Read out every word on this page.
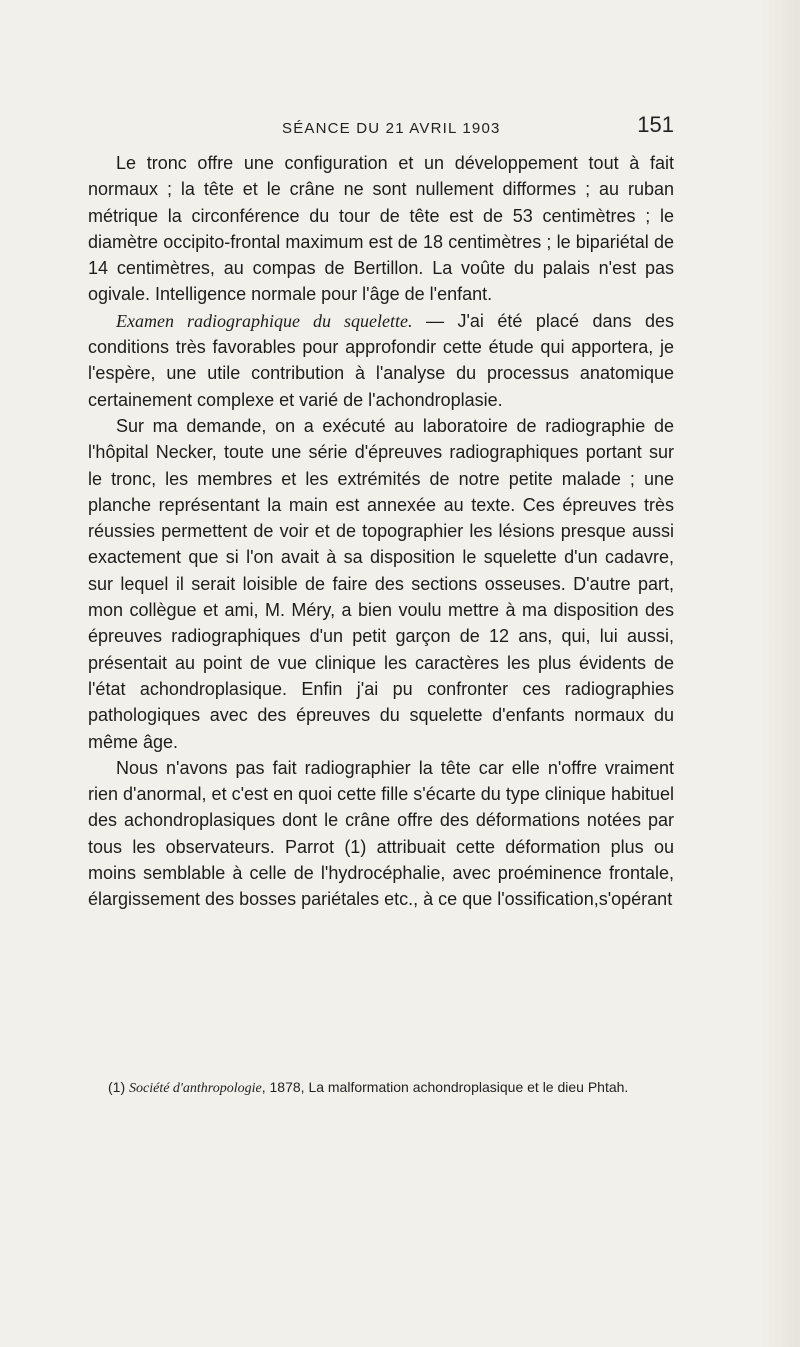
SÉANCE DU 21 AVRIL 1903	151

Le tronc offre une configuration et un développement tout à fait normaux ; la tête et le crâne ne sont nullement difformes ; au ruban métrique la circonférence du tour de tête est de 53 centimètres ; le diamètre occipito-frontal maximum est de 18 centimètres ; le bipariétal de 14 centimètres, au compas de Bertillon. La voûte du palais n'est pas ogivale. Intelligence normale pour l'âge de l'enfant.

Examen radiographique du squelette. — J'ai été placé dans des conditions très favorables pour approfondir cette étude qui apportera, je l'espère, une utile contribution à l'analyse du processus anatomique certainement complexe et varié de l'achondroplasie.

Sur ma demande, on a exécuté au laboratoire de radiographie de l'hôpital Necker, toute une série d'épreuves radiographiques portant sur le tronc, les membres et les extrémités de notre petite malade ; une planche représentant la main est annexée au texte. Ces épreuves très réussies permettent de voir et de topographier les lésions presque aussi exactement que si l'on avait à sa disposition le squelette d'un cadavre, sur lequel il serait loisible de faire des sections osseuses. D'autre part, mon collègue et ami, M. Méry, a bien voulu mettre à ma disposition des épreuves radiographiques d'un petit garçon de 12 ans, qui, lui aussi, présentait au point de vue clinique les caractères les plus évidents de l'état achondroplasique. Enfin j'ai pu confronter ces radiographies pathologiques avec des épreuves du squelette d'enfants normaux du même âge.

Nous n'avons pas fait radiographier la tête car elle n'offre vraiment rien d'anormal, et c'est en quoi cette fille s'écarte du type clinique habituel des achondroplasiques dont le crâne offre des déformations notées par tous les observateurs. Parrot (1) attribuait cette déformation plus ou moins semblable à celle de l'hydrocéphalie, avec proéminence frontale, élargissement des bosses pariétales etc., à ce que l'ossification,s'opérant

(1) Société d'anthropologie, 1878, La malformation achondroplasique et le dieu Phtah.
